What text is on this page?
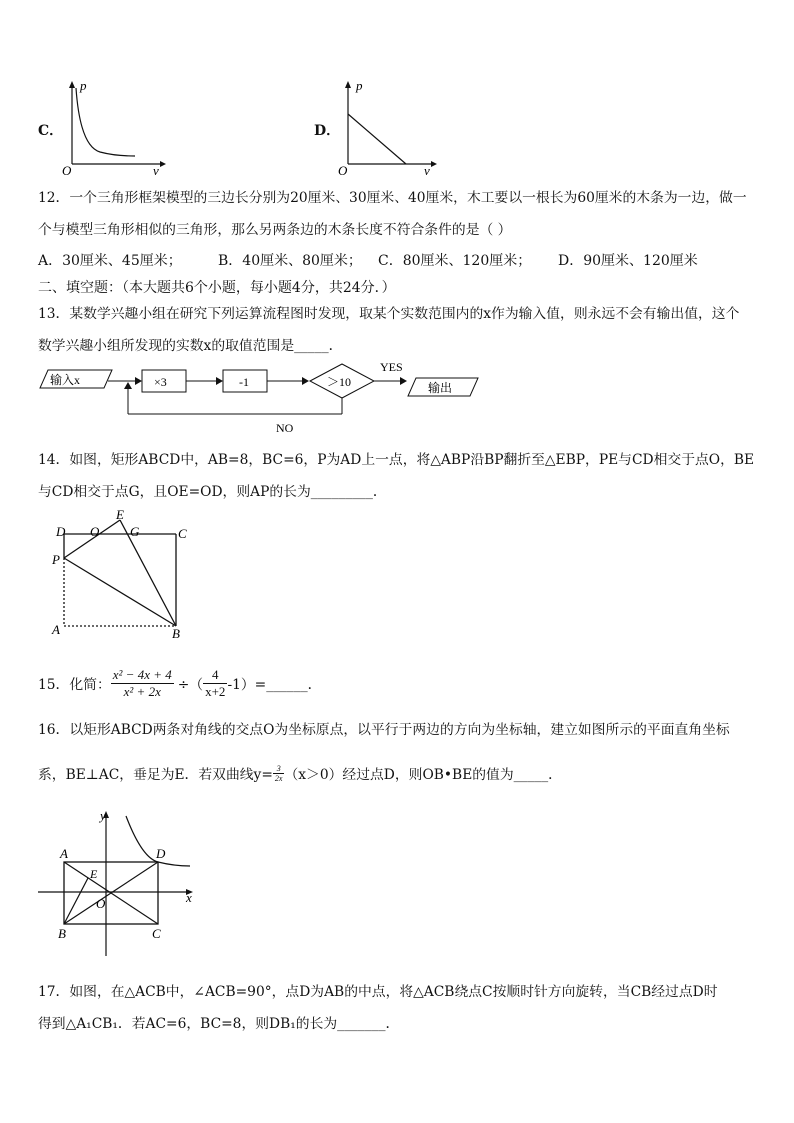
C．
p
O	v
D．
p
O	v
12．一个三角形框架模型的三边长分别为20厘米、30厘米、40厘米，木工要以一根长为60厘米的木条为一边，做一
个与模型三角形相似的三角形，那么另两条边的木条长度不符合条件的是（ ）
A．30厘米、45厘米；	B．40厘米、80厘米； C．80厘米、120厘米； D．90厘米、120厘米
二、填空题：（本大题共6个小题，每小题4分，共24分．）
13．某数学兴趣小组在研究下列运算流程图时发现，取某个实数范围内的x作为输入值，则永远不会有输出值，这个
数学兴趣小组所发现的实数x的取值范围是_____．
输入x	×3	-1	＞10
YES
输出
NO
14．如图，矩形ABCD中，AB=8，BC=6，P为AD上一点，将△ABP沿BP翻折至△EBP，PE与CD相交于点O，BE
与CD相交于点G，且OE=OD，则AP的长为_________．
D O
E
G	C
P
A	B
15．化简： $\frac{\text{x² − 4x + 4}}{\text{x² + 2x}}$ ÷（ $\frac{4}{x+2}$ -1）=______．
16．以矩形ABCD两条对角线的交点O为坐标原点，以平行于两边的方向为坐标轴，建立如图所示的平面直角坐标
系，BE⊥AC，垂足为E．若双曲线$y= \frac{3}{2x} (x>0)$经过点D，则OB•BE的值为_____．
y
x
A	D
E
O
B	C
17．如图，在△ACB中，∠ACB=90°，点D为AB的中点，将△ACB绕点C按顺时针方向旋转，当CB经过点D时
得到△A₁CB₁．若AC=6，BC=8，则DB₁的长为_______．
